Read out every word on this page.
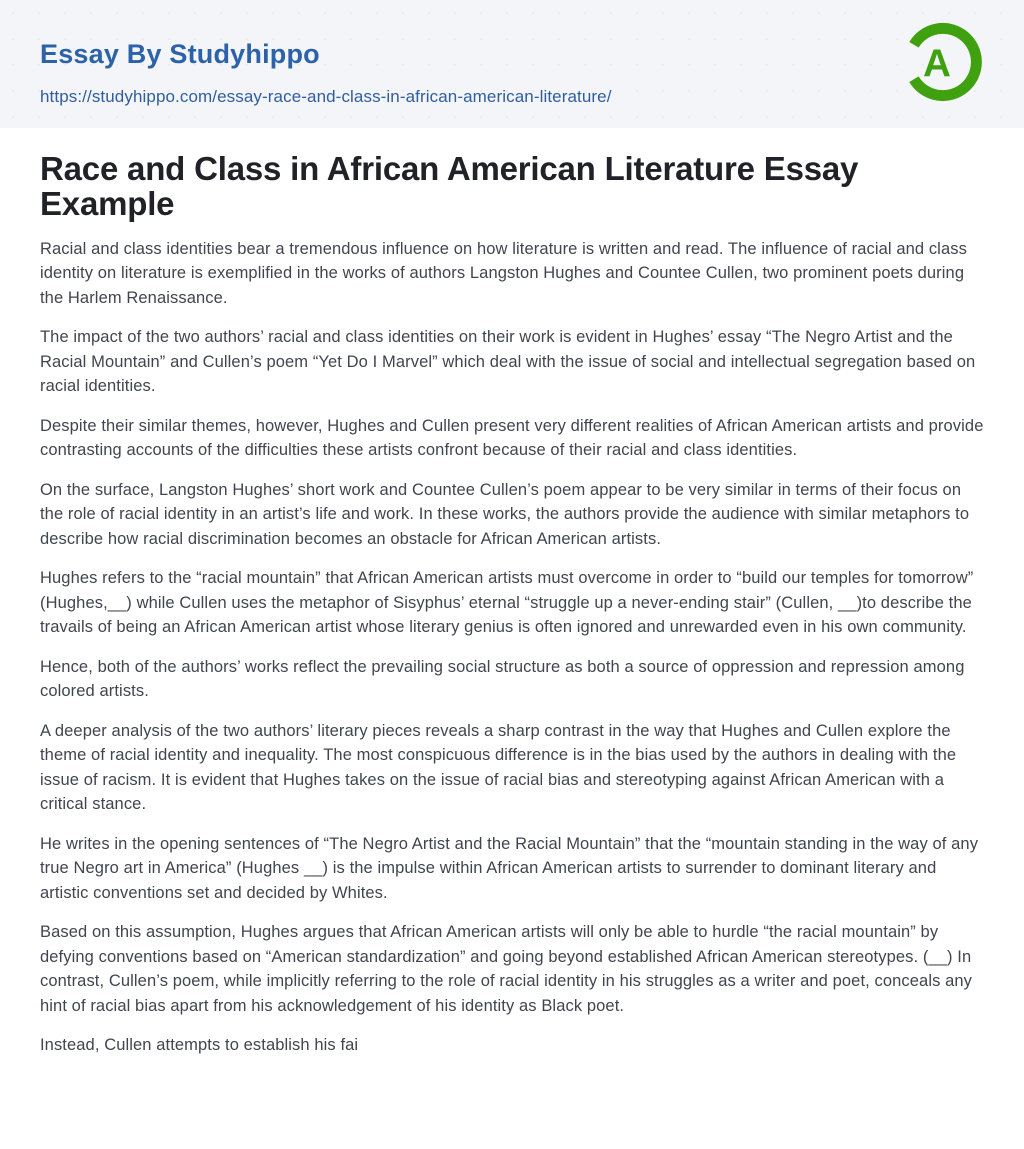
Essay By Studyhippo
https://studyhippo.com/essay-race-and-class-in-african-american-literature/
A
Race and Class in African American Literature Essay Example

Racial and class identities bear a tremendous influence on how literature is written and read. The influence of racial and class identity on literature is exemplified in the works of authors Langston Hughes and Countee Cullen, two prominent poets during the Harlem Renaissance.

The impact of the two authors’ racial and class identities on their work is evident in Hughes’ essay “The Negro Artist and the Racial Mountain” and Cullen’s poem “Yet Do I Marvel” which deal with the issue of social and intellectual segregation based on racial identities.

Despite their similar themes, however, Hughes and Cullen present very different realities of African American artists and provide contrasting accounts of the difficulties these artists confront because of their racial and class identities.

On the surface, Langston Hughes’ short work and Countee Cullen’s poem appear to be very similar in terms of their focus on the role of racial identity in an artist’s life and work. In these works, the authors provide the audience with similar metaphors to describe how racial discrimination becomes an obstacle for African American artists.

Hughes refers to the “racial mountain” that African American artists must overcome in order to “build our temples for tomorrow” (Hughes,__) while Cullen uses the metaphor of Sisyphus’ eternal “struggle up a never-ending stair” (Cullen, __)to describe the travails of being an African American artist whose literary genius is often ignored and unrewarded even in his own community.

Hence, both of the authors’ works reflect the prevailing social structure as both a source of oppression and repression among colored artists.

A deeper analysis of the two authors’ literary pieces reveals a sharp contrast in the way that Hughes and Cullen explore the theme of racial identity and inequality. The most conspicuous difference is in the bias used by the authors in dealing with the issue of racism. It is evident that Hughes takes on the issue of racial bias and stereotyping against African American with a critical stance.

He writes in the opening sentences of “The Negro Artist and the Racial Mountain” that the “mountain standing in the way of any true Negro art in America” (Hughes __) is the impulse within African American artists to surrender to dominant literary and artistic conventions set and decided by Whites.

Based on this assumption, Hughes argues that African American artists will only be able to hurdle “the racial mountain” by defying conventions based on “American standardization” and going beyond established African American stereotypes. (__) In contrast, Cullen’s poem, while implicitly referring to the role of racial identity in his struggles as a writer and poet, conceals any hint of racial bias apart from his acknowledgement of his identity as Black poet.

Instead, Cullen attempts to establish his fai
